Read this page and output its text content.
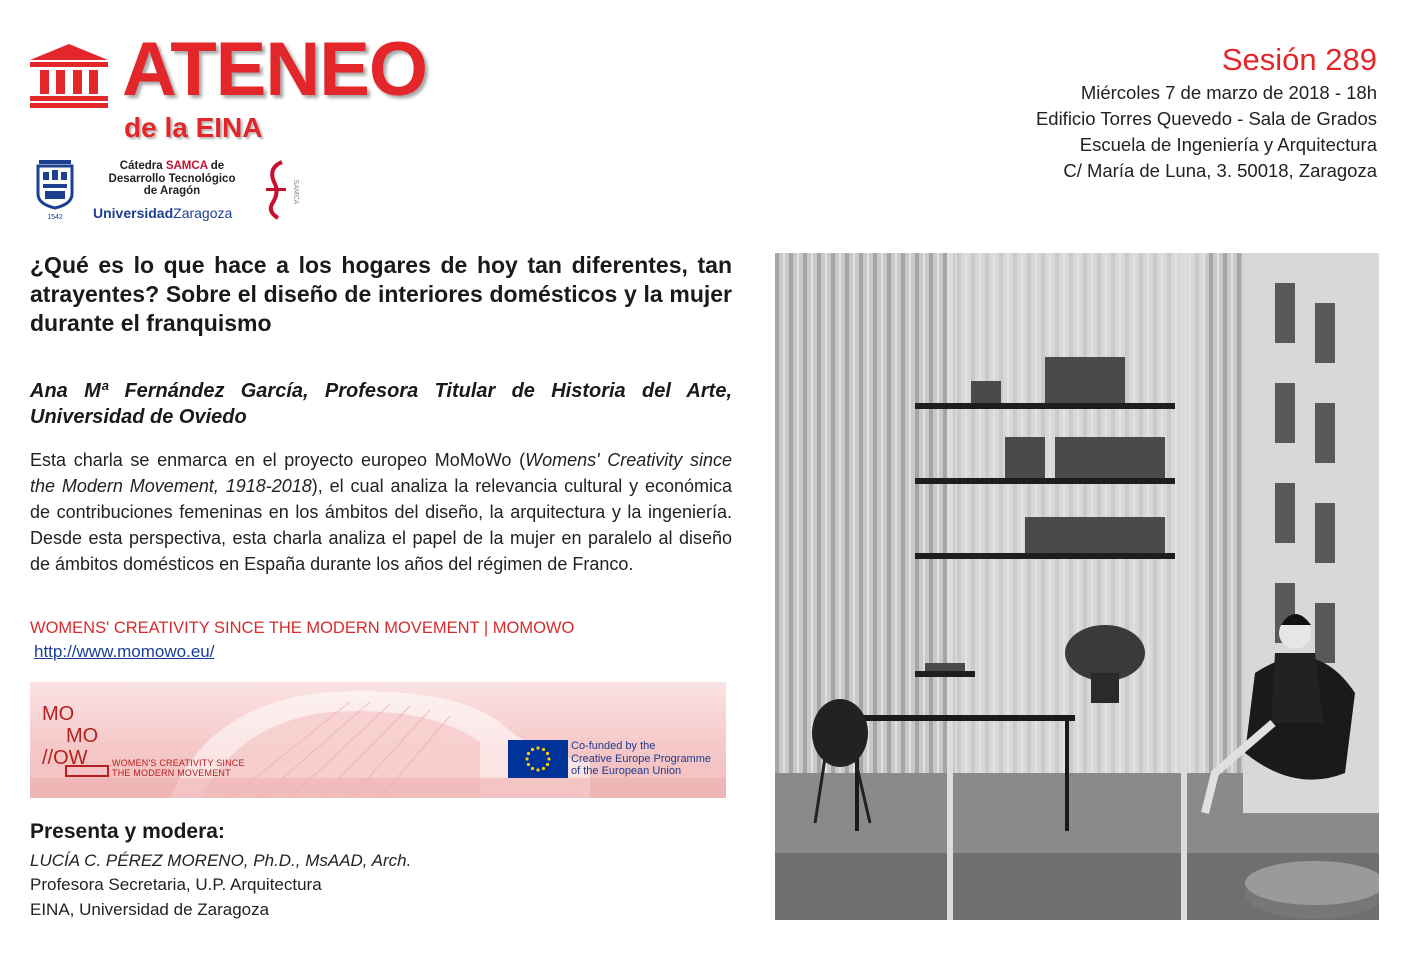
ATENEO
de la EINA
1542
Cátedra SAMCA de
Desarrollo Tecnológico
de Aragón
UniversidadZaragoza
SAMCA
Sesión 289
Miércoles 7 de marzo de 2018 - 18h
Edificio Torres Quevedo - Sala de Grados
Escuela de Ingeniería y Arquitectura
C/ María de Luna, 3. 50018, Zaragoza
¿Qué es lo que hace a los hogares de hoy tan diferentes, tan atrayentes? Sobre el diseño de interiores domésticos y la mujer durante el franquismo
Ana Mª Fernández García, Profesora Titular de Historia del Arte, Universidad de Oviedo
Esta charla se enmarca en el proyecto europeo MoMoWo (Womens' Creativity since the Modern Movement, 1918-2018), el cual analiza la relevancia cultural y económica de contribuciones femeninas en los ámbitos del diseño, la arquitectura y la ingeniería. Desde esta perspectiva, esta charla analiza el papel de la mujer en paralelo al diseño de ámbitos domésticos en España durante los años del régimen de Franco.
WOMENS' CREATIVITY SINCE THE MODERN MOVEMENT | MOMOWO
http://www.momowo.eu/
MO
MO
//OW	WOMEN'S CREATIVITY SINCE
THE MODERN MOVEMENT
Co-funded by the
Creative Europe Programme
of the European Union
Presenta y modera:
LUCÍA C. PÉREZ MORENO, Ph.D., MsAAD, Arch.
Profesora Secretaria, U.P. Arquitectura
EINA, Universidad de Zaragoza
